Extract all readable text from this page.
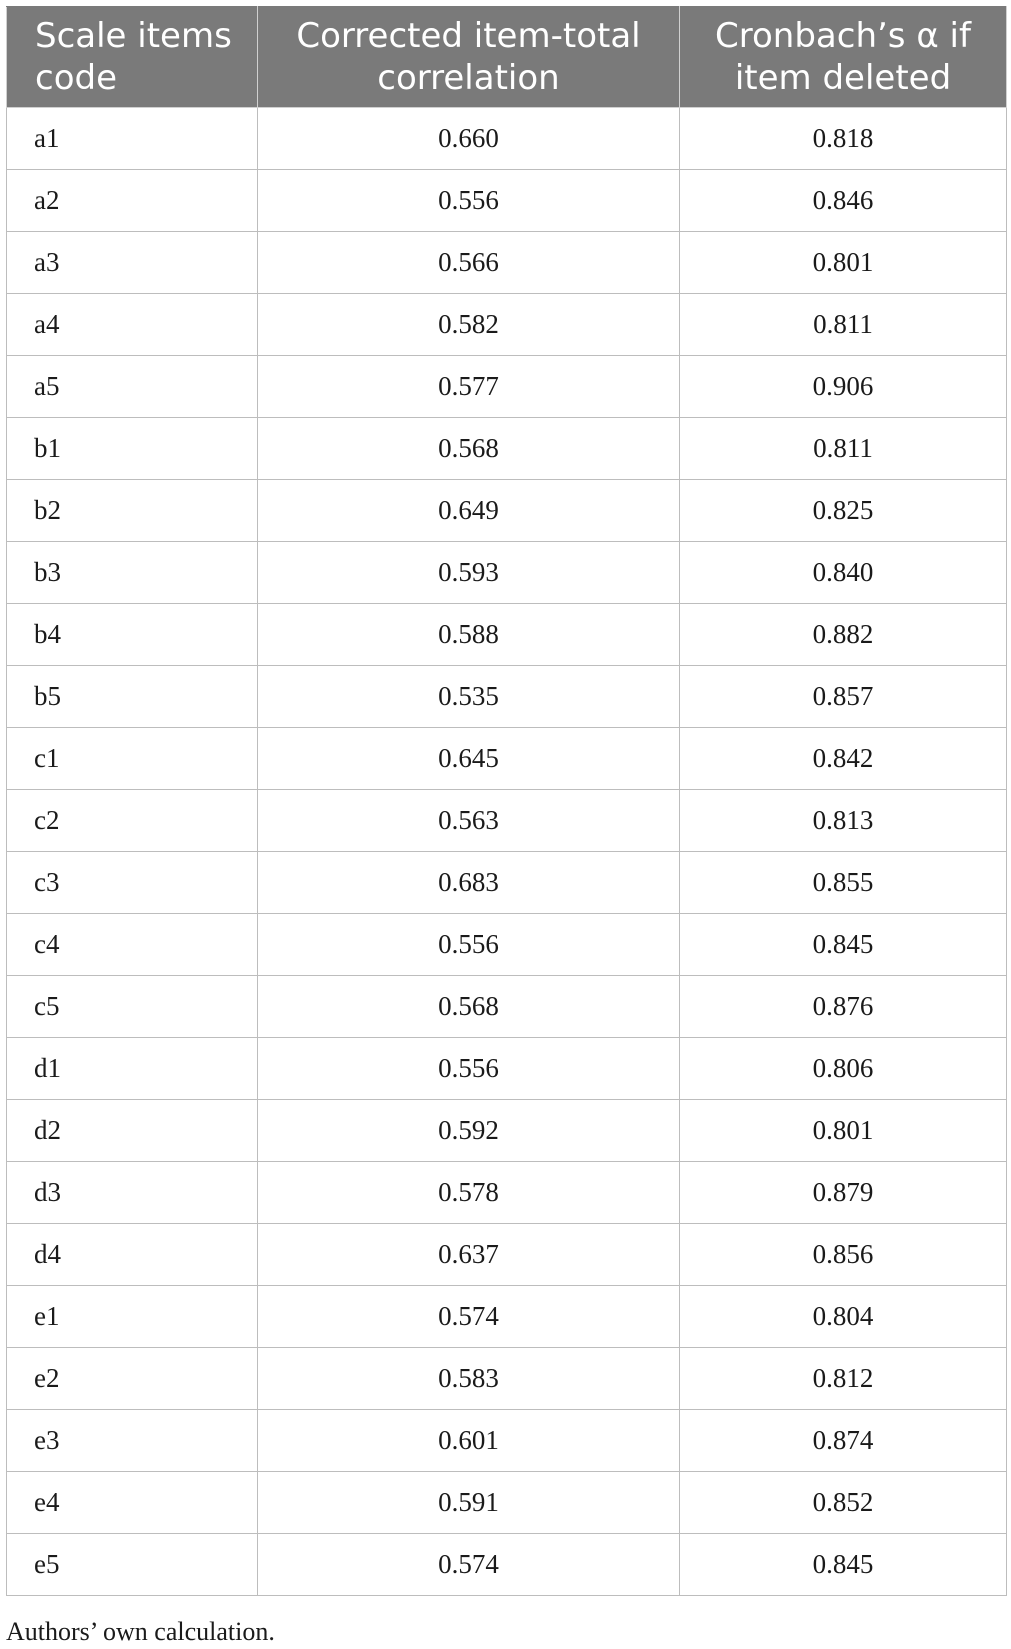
Scale items code	Corrected item-total correlation	Cronbach’s α if item deleted
a1	0.660	0.818
a2	0.556	0.846
a3	0.566	0.801
a4	0.582	0.811
a5	0.577	0.906
b1	0.568	0.811
b2	0.649	0.825
b3	0.593	0.840
b4	0.588	0.882
b5	0.535	0.857
c1	0.645	0.842
c2	0.563	0.813
c3	0.683	0.855
c4	0.556	0.845
c5	0.568	0.876
d1	0.556	0.806
d2	0.592	0.801
d3	0.578	0.879
d4	0.637	0.856
e1	0.574	0.804
e2	0.583	0.812
e3	0.601	0.874
e4	0.591	0.852
e5	0.574	0.845
Authors’ own calculation.
